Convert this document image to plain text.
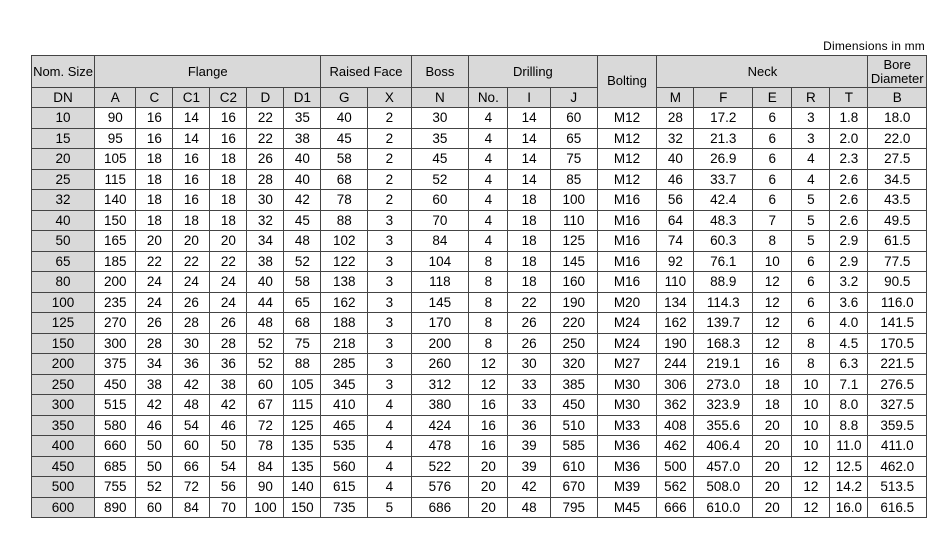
Dimensions in mm
Nom. Size	Flange						Raised Face		Boss	Drilling			Bolting	Neck					Bore Diameter
DN	A	C	C1	C2	D	D1	G	X	N	No.	I	J		M	F	E	R	T	B
10	90	16	14	16	22	35	40	2	30	4	14	60	M12	28	17.2	6	3	1.8	18.0
15	95	16	14	16	22	38	45	2	35	4	14	65	M12	32	21.3	6	3	2.0	22.0
20	105	18	16	18	26	40	58	2	45	4	14	75	M12	40	26.9	6	4	2.3	27.5
25	115	18	16	18	28	40	68	2	52	4	14	85	M12	46	33.7	6	4	2.6	34.5
32	140	18	16	18	30	42	78	2	60	4	18	100	M16	56	42.4	6	5	2.6	43.5
40	150	18	18	18	32	45	88	3	70	4	18	110	M16	64	48.3	7	5	2.6	49.5
50	165	20	20	20	34	48	102	3	84	4	18	125	M16	74	60.3	8	5	2.9	61.5
65	185	22	22	22	38	52	122	3	104	8	18	145	M16	92	76.1	10	6	2.9	77.5
80	200	24	24	24	40	58	138	3	118	8	18	160	M16	110	88.9	12	6	3.2	90.5
100	235	24	26	24	44	65	162	3	145	8	22	190	M20	134	114.3	12	6	3.6	116.0
125	270	26	28	26	48	68	188	3	170	8	26	220	M24	162	139.7	12	6	4.0	141.5
150	300	28	30	28	52	75	218	3	200	8	26	250	M24	190	168.3	12	8	4.5	170.5
200	375	34	36	36	52	88	285	3	260	12	30	320	M27	244	219.1	16	8	6.3	221.5
250	450	38	42	38	60	105	345	3	312	12	33	385	M30	306	273.0	18	10	7.1	276.5
300	515	42	48	42	67	115	410	4	380	16	33	450	M30	362	323.9	18	10	8.0	327.5
350	580	46	54	46	72	125	465	4	424	16	36	510	M33	408	355.6	20	10	8.8	359.5
400	660	50	60	50	78	135	535	4	478	16	39	585	M36	462	406.4	20	10	11.0	411.0
450	685	50	66	54	84	135	560	4	522	20	39	610	M36	500	457.0	20	12	12.5	462.0
500	755	52	72	56	90	140	615	4	576	20	42	670	M39	562	508.0	20	12	14.2	513.5
600	890	60	84	70	100	150	735	5	686	20	48	795	M45	666	610.0	20	12	16.0	616.5
